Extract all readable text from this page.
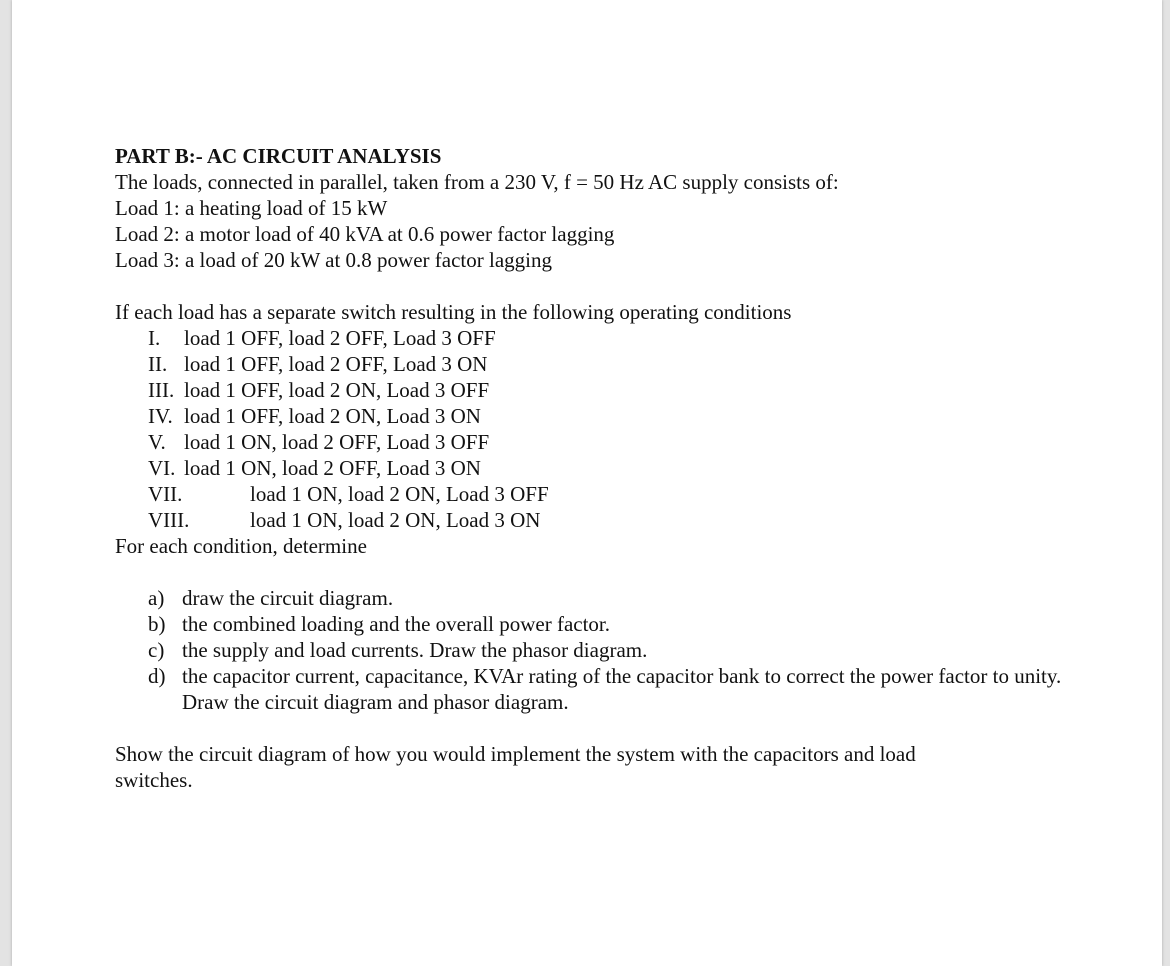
PART B:- AC CIRCUIT ANALYSIS
The loads, connected in parallel, taken from a 230 V, f = 50 Hz AC supply consists of:
Load 1: a heating load of 15 kW
Load 2: a motor load of 40 kVA at 0.6 power factor lagging
Load 3: a load of 20 kW at 0.8 power factor lagging
If each load has a separate switch resulting in the following operating conditions
I. load 1 OFF, load 2 OFF, Load 3 OFF
II. load 1 OFF, load 2 OFF, Load 3 ON
III. load 1 OFF, load 2 ON, Load 3 OFF
IV. load 1 OFF, load 2 ON, Load 3 ON
V. load 1 ON, load 2 OFF, Load 3 OFF
VI. load 1 ON, load 2 OFF, Load 3 ON
VII.	load 1 ON, load 2 ON, Load 3 OFF
VIII.	load 1 ON, load 2 ON, Load 3 ON
For each condition, determine
a) draw the circuit diagram.
b) the combined loading and the overall power factor.
c) the supply and load currents. Draw the phasor diagram.
d) the capacitor current, capacitance, KVAr rating of the capacitor bank to correct the power factor to unity. Draw the circuit diagram and phasor diagram.
Show the circuit diagram of how you would implement the system with the capacitors and load switches.
